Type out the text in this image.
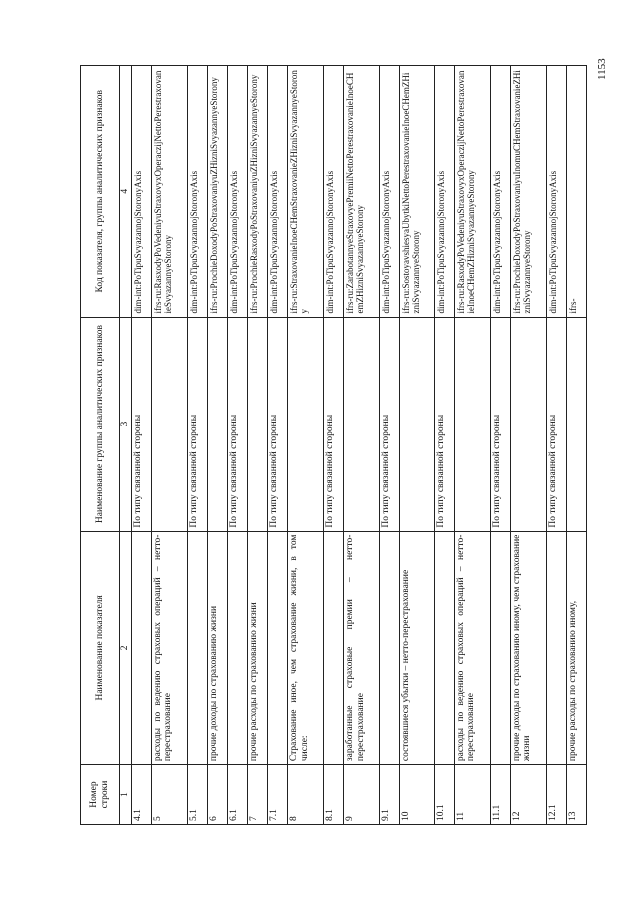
1153
Номер строки	Наименование показателя	Наименование группы аналитических признаков	Код показателя, группы аналитических признаков
1	2	3	4
4.1		По типу связанной стороны	dim-int:PoTipuSvyazannojStoronyAxis
5	расходы по ведению страховых операций – нетто-перестрахование		ifrs-ru:RasxodyPoVedeniyuStraxovyxOperaczijNettoPerestraxovanieSvyazannyeStorony
5.1		По типу связанной стороны	dim-int:PoTipuSvyazannojStoronyAxis
6	прочие доходы по страхованию жизни		ifrs-ru:ProchieDoxodyPoStraxovaniyuZHizniSvyazannyeStorony
6.1		По типу связанной стороны	dim-int:PoTipuSvyazannojStoronyAxis
7	прочие расходы по страхованию жизни		ifrs-ru:ProchieRasxodyPoStraxovaniyuZHizniSvyazannyeStorony
7.1		По типу связанной стороны	dim-int:PoTipuSvyazannojStoronyAxis
8	Страхование иное, чем страхование жизни, в том числе:		ifrs-ru:StraxovanieInoeCHemStraxovanieZHizniSvyazannyeStorony
8.1		По типу связанной стороны	dim-int:PoTipuSvyazannojStoronyAxis
9	заработанные страховые премии – нетто-перестрахование		ifrs-ru:ZarabotannyeStraxovyePremiiNettoPerestraxovanieInoeCHemZHizniSvyazannyeStorony
9.1		По типу связанной стороны	dim-int:PoTipuSvyazannojStoronyAxis
10	состоявшиеся убытки – нетто-перестрахование		ifrs-ru:SostoyavshiesyaUbytkiNettoPerestraxovanieInoeCHemZHizniSvyazannyeStorony
10.1		По типу связанной стороны	dim-int:PoTipuSvyazannojStoronyAxis
11	расходы по ведению страховых операций – нетто-перестрахование		ifrs-ru:RasxodyPoVedeniyuStraxovyxOperaczijNettoPerestraxovanieInoeCHemZHizniSvyazannyeStorony
11.1		По типу связанной стороны	dim-int:PoTipuSvyazannojStoronyAxis
12	прочие доходы по страхованию иному, чем страхование жизни		ifrs-ru:ProchieDoxodyPoStraxovaniyuInomuCHemStraxovanieZHizniSvyazannyeStorony
12.1		По типу связанной стороны	dim-int:PoTipuSvyazannojStoronyAxis
13	прочие расходы по страхованию иному,		ifrs-
